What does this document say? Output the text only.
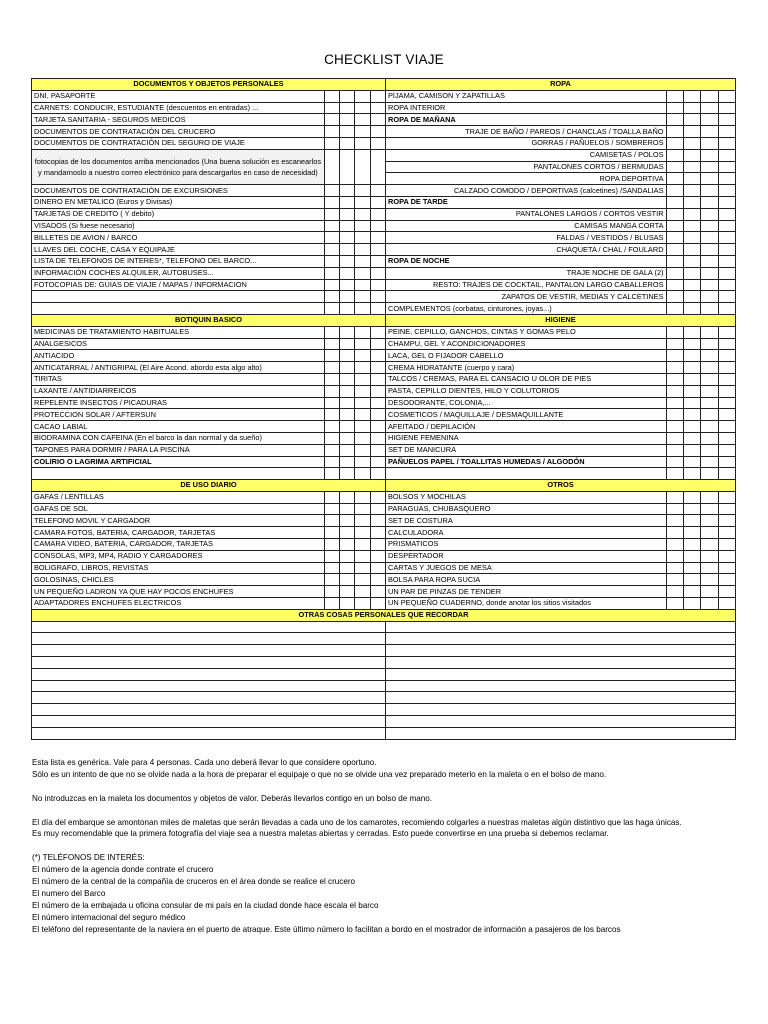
CHECKLIST VIAJE
DOCUMENTOS Y OBJETOS PERSONALES					ROPA				
DNI, PASAPORTE					PIJAMA, CAMISON Y ZAPATILLAS				
CARNETS: CONDUCIR, ESTUDIANTE (descuentos en entradas) ...					ROPA INTERIOR				
TARJETA SANITARIA - SEGUROS MEDICOS					ROPA DE MAÑANA				
DOCUMENTOS DE CONTRATACIÓN DEL CRUCERO					TRAJE DE BAÑO / PAREOS / CHANCLAS / TOALLA BAÑO				
DOCUMENTOS DE CONTRATACIÓN DEL SEGURO DE VIAJE					GORRAS / PAÑUELOS / SOMBREROS				
fotocopias de los documentos arriba mencionados (Una buena solución es escanearlos y mandarnoslo a nuestro correo electrónico para descargarlos en caso de necesidad)					CAMISETAS / POLOS				
					PANTALONES CORTOS / BERMUDAS				
					ROPA DEPORTIVA				
DOCUMENTOS DE CONTRATACIÓN DE EXCURSIONES					CALZADO COMODO / DEPORTIVAS (calcetines) /SANDALIAS				
DINERO EN METALICO (Euros y Divisas)					ROPA DE TARDE				
TARJETAS DE CREDITO ( Y debito)					PANTALONES LARGOS / CORTOS VESTIR				
VISADOS (Si fuese necesario)					CAMISAS MANGA CORTA				
BILLETES DE AVION / BARCO					FALDAS / VESTIDOS / BLUSAS				
LLAVES DEL COCHE, CASA Y EQUIPAJE					CHAQUETA / CHAL / FOULARD				
LISTA DE TELEFONOS DE INTERES*, TELEFONO DEL BARCO...					ROPA DE NOCHE				
INFORMACIÓN COCHES ALQUILER, AUTOBUSES...					TRAJE NOCHE DE GALA (2)				
FOTOCOPIAS DE: GUIAS DE VIAJE / MAPAS / INFORMACION					RESTO: TRAJES DE COCKTAIL, PANTALON LARGO CABALLEROS				
					ZAPATOS DE VESTIR, MEDIAS Y CALCETINES				
					COMPLEMENTOS (corbatas, cinturones, joyas...)				
BOTIQUIN BASICO					HIGIENE				
MEDICINAS DE TRATAMIENTO HABITUALES					PEINE, CEPILLO, GANCHOS, CINTAS Y GOMAS PELO				
ANALGESICOS					CHAMPU, GEL Y ACONDICIONADORES				
ANTIACIDO					LACA, GEL O FIJADOR CABELLO				
ANTICATARRAL / ANTIGRIPAL (El Aire Acond. abordo esta algo alto)					CREMA HIDRATANTE (cuerpo y cara)				
TIRITAS					TALCOS / CREMAS, PARA EL CANSACIO U OLOR DE PIES				
LAXANTE / ANTIDIARREICOS					PASTA, CEPILLO DIENTES, HILO Y COLUTORIOS				
REPELENTE INSECTOS / PICADURAS					DESODORANTE, COLONIA,...				
PROTECCION SOLAR / AFTERSUN					COSMETICOS / MAQUILLAJE / DESMAQUILLANTE				
CACAO LABIAL					AFEITADO / DEPILACIÓN				
BIODRAMINA CON CAFEINA (En el barco la dan normal y da sueño)					HIGIENE FEMENINA				
TAPONES PARA DORMIR / PARA LA PISCINA					SET DE MANICURA				
COLIRIO O LAGRIMA ARTIFICIAL					PAÑUELOS PAPEL / TOALLITAS HUMEDAS / ALGODÓN				

DE USO DIARIO					OTROS				
GAFAS / LENTILLAS					BOLSOS Y MOCHILAS				
GAFAS DE SOL					PARAGUAS, CHUBASQUERO				
TELEFONO MOVIL Y CARGADOR					SET DE COSTURA				
CAMARA FOTOS, BATERIA, CARGADOR, TARJETAS					CALCULADORA				
CAMARA VIDEO, BATERIA, CARGADOR, TARJETAS					PRISMATICOS				
CONSOLAS, MP3, MP4, RADIO Y CARGADORES					DESPERTADOR				
BOLIGRAFO, LIBROS, REVISTAS					CARTAS Y JUEGOS DE MESA				
GOLOSINAS, CHICLES					BOLSA PARA ROPA SUCIA				
UN PEQUEÑO LADRON YA QUE HAY POCOS ENCHUFES					UN PAR DE PINZAS DE TENDER				
ADAPTADORES ENCHUFES ELECTRICOS					UN PEQUEÑO CUADERNO, donde anotar los sitios visitados				
OTRAS COSAS PERSONALES QUE RECORDAR									

Esta lista es genérica. Vale para 4 personas. Cada uno deberá llevar lo que considere oportuno.
Sólo es un intento de que no se olvide nada a la hora de preparar el equipaje o que no se olvide una vez preparado meterlo en la maleta o en el bolso de mano.
No introduzcas en la maleta los documentos y objetos de valor. Deberás llevarlos contigo en un bolso de mano.
El día del embarque se amontonan miles de maletas que serán llevadas a cada uno de los camarotes, recomiendo colgarles a nuestras maletas algún distintivo que las haga únicas.
Es muy recomendable que la primera fotografía del viaje sea a nuestra maletas abiertas y cerradas. Esto puede convertirse en una prueba si debemos reclamar.
(*) TELÉFONOS DE INTERÉS:
El número de la agencia donde contrate el crucero
El número de la central de la compañía de cruceros en el área donde se realice el crucero
El numero del Barco
El número de la embajada u oficina consular de mi país en la ciudad donde hace escala el barco
El número internacional del seguro médico
El teléfono del representante de la naviera en el puerto de atraque. Este último número lo facilitan a bordo en el mostrador de información a pasajeros de los barcos
